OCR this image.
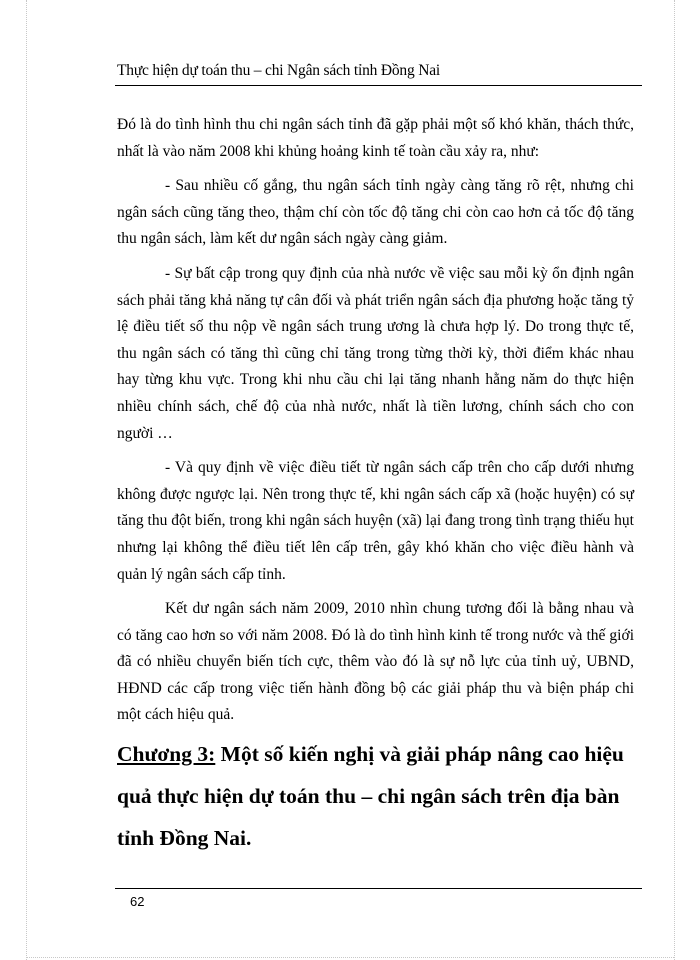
Thực hiện dự toán thu – chi Ngân sách tỉnh Đồng Nai

Đó là do tình hình thu chi ngân sách tỉnh đã gặp phải một số khó khăn, thách thức, nhất là vào năm 2008 khi khủng hoảng kinh tế toàn cầu xảy ra, như:

- Sau nhiều cố gắng, thu ngân sách tỉnh ngày càng tăng rõ rệt, nhưng chi ngân sách cũng tăng theo, thậm chí còn tốc độ tăng chi còn cao hơn cả tốc độ tăng thu ngân sách, làm kết dư ngân sách ngày càng giảm.

- Sự bất cập trong quy định của nhà nước về việc sau mỗi kỳ ổn định ngân sách phải tăng khả năng tự cân đối và phát triển ngân sách địa phương hoặc tăng tỷ lệ điều tiết số thu nộp về ngân sách trung ương là chưa hợp lý. Do trong thực tế, thu ngân sách có tăng thì cũng chỉ tăng trong từng thời kỳ, thời điểm khác nhau hay từng khu vực. Trong khi nhu cầu chi lại tăng nhanh hằng năm do thực hiện nhiều chính sách, chế độ của nhà nước, nhất là tiền lương, chính sách cho con người …

- Và quy định về việc điều tiết từ ngân sách cấp trên cho cấp dưới nhưng không được ngược lại. Nên trong thực tế, khi ngân sách cấp xã (hoặc huyện) có sự tăng thu đột biến, trong khi ngân sách huyện (xã) lại đang trong tình trạng thiếu hụt nhưng lại không thể điều tiết lên cấp trên, gây khó khăn cho việc điều hành và quản lý ngân sách cấp tỉnh.

Kết dư ngân sách năm 2009, 2010 nhìn chung tương đối là bằng nhau và có tăng cao hơn so với năm 2008. Đó là do tình hình kinh tế trong nước và thế giới đã có nhiều chuyển biến tích cực, thêm vào đó là sự nỗ lực của tỉnh uỷ, UBND, HĐND các cấp trong việc tiến hành đồng bộ các giải pháp thu và biện pháp chi một cách hiệu quả.

Chương 3: Một số kiến nghị và giải pháp nâng cao hiệu quả thực hiện dự toán thu – chi ngân sách trên địa bàn tỉnh Đồng Nai.
62
